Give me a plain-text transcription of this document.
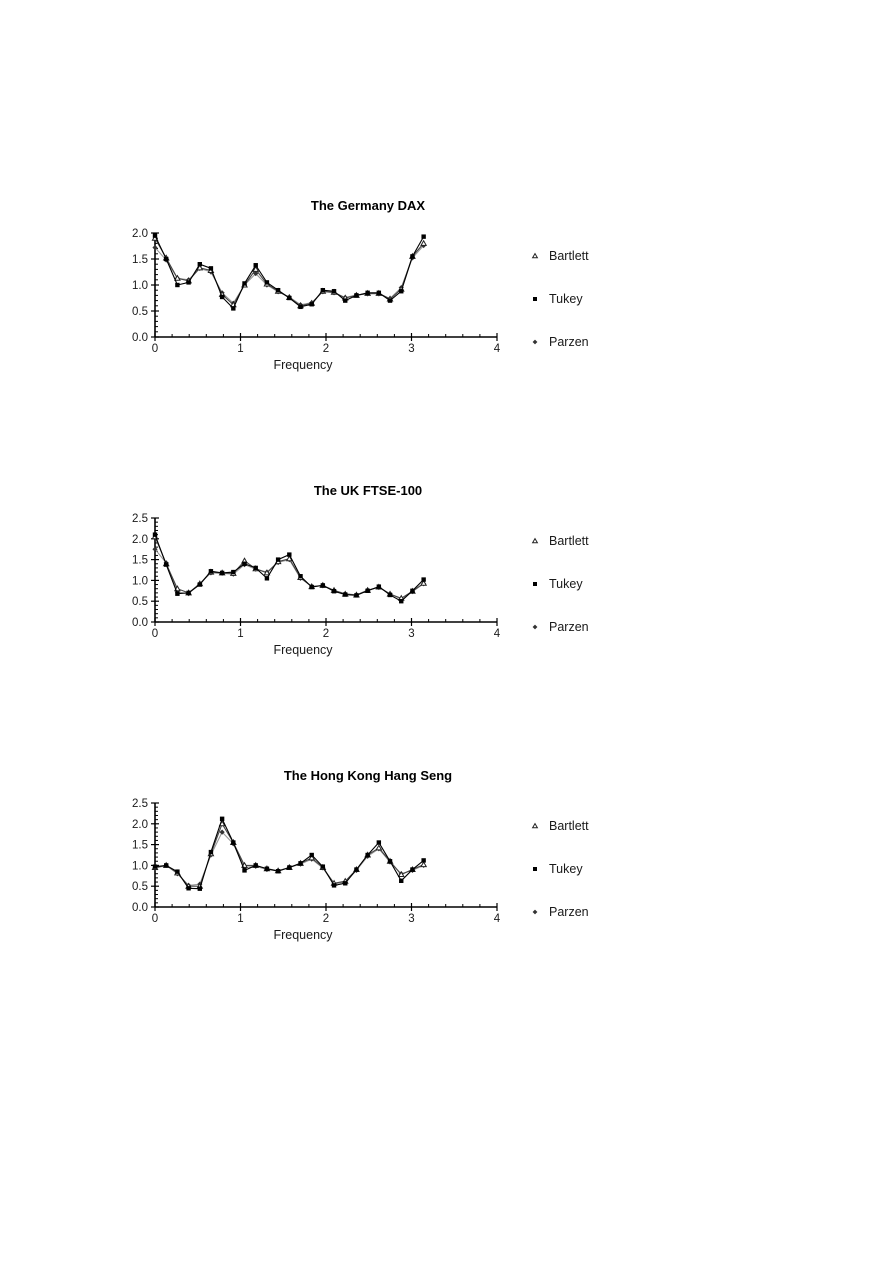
The Germany DAX
0	1	2	3	4
0.0
0.5
1.0
1.5
2.0
Frequency
Bartlett
Tukey
Parzen
The UK FTSE-100
0	1	2	3	4
0.0
0.5
1.0
1.5
2.0
2.5
Frequency
Bartlett
Tukey
Parzen
The Hong Kong Hang Seng
0	1	2	3	4
0.0
0.5
1.0
1.5
2.0
2.5
Frequency
Bartlett
Tukey
Parzen
